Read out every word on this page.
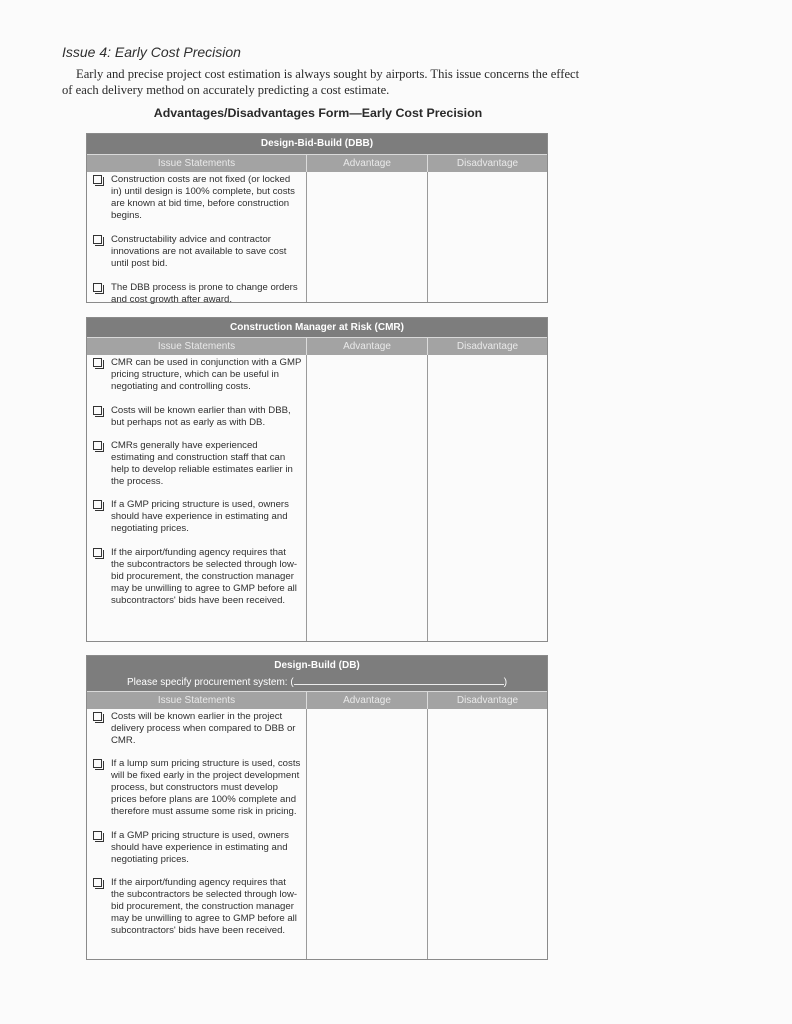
Issue 4: Early Cost Precision

Early and precise project cost estimation is always sought by airports. This issue concerns the effect of each delivery method on accurately predicting a cost estimate.

Advantages/Disadvantages Form—Early Cost Precision
Design-Bid-Build (DBB)
Issue Statements	Advantage	Disadvantage
Construction costs are not fixed (or locked in) until design is 100% complete, but costs are known at bid time, before construction begins.
Constructability advice and contractor innovations are not available to save cost until post bid.
The DBB process is prone to change orders and cost growth after award.
Construction Manager at Risk (CMR)
Issue Statements	Advantage	Disadvantage
CMR can be used in conjunction with a GMP pricing structure, which can be useful in negotiating and controlling costs.
Costs will be known earlier than with DBB, but perhaps not as early as with DB.
CMRs generally have experienced estimating and construction staff that can help to develop reliable estimates earlier in the process.
If a GMP pricing structure is used, owners should have experience in estimating and negotiating prices.
If the airport/funding agency requires that the subcontractors be selected through low-bid procurement, the construction manager may be unwilling to agree to GMP before all subcontractors' bids have been received.
Design-Build (DB)
Please specify procurement system: (	)
Issue Statements	Advantage	Disadvantage
Costs will be known earlier in the project delivery process when compared to DBB or CMR.
If a lump sum pricing structure is used, costs will be fixed early in the project development process, but constructors must develop prices before plans are 100% complete and therefore must assume some risk in pricing.
If a GMP pricing structure is used, owners should have experience in estimating and negotiating prices.
If the airport/funding agency requires that the subcontractors be selected through low-bid procurement, the construction manager may be unwilling to agree to GMP before all subcontractors' bids have been received.
